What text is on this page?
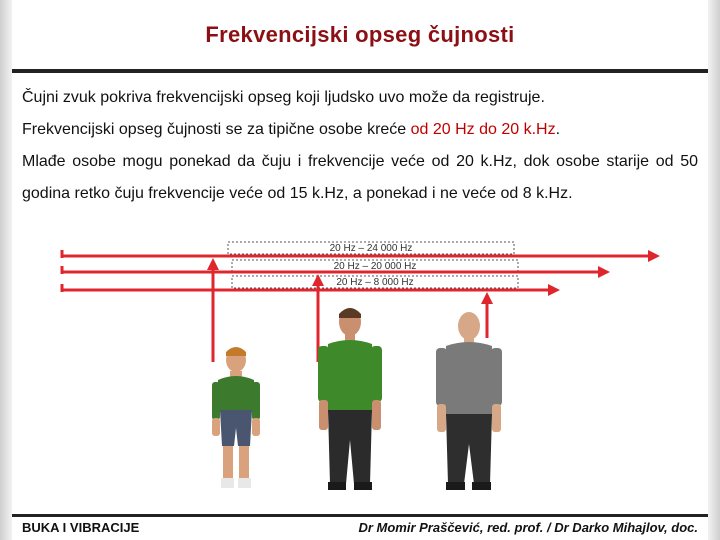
Frekvencijski opseg čujnosti

Čujni zvuk pokriva frekvencijski opseg koji ljudsko uvo može da registruje.

Frekvencijski opseg čujnosti se za tipične osobe kreće od 20 Hz do 20 k.Hz.

Mlađe osobe mogu ponekad da čuju i frekvencije veće od 20 k.Hz, dok osobe starije od 50 godina retko čuju frekvencije veće od 15 k.Hz, a ponekad i ne veće od 8 k.Hz.

20 Hz – 24 000 Hz
20 Hz – 20 000 Hz
20 Hz – 8 000 Hz
BUKA I VIBRACIJE	Dr Momir Praščević, red. prof. / Dr Darko Mihajlov, doc.
